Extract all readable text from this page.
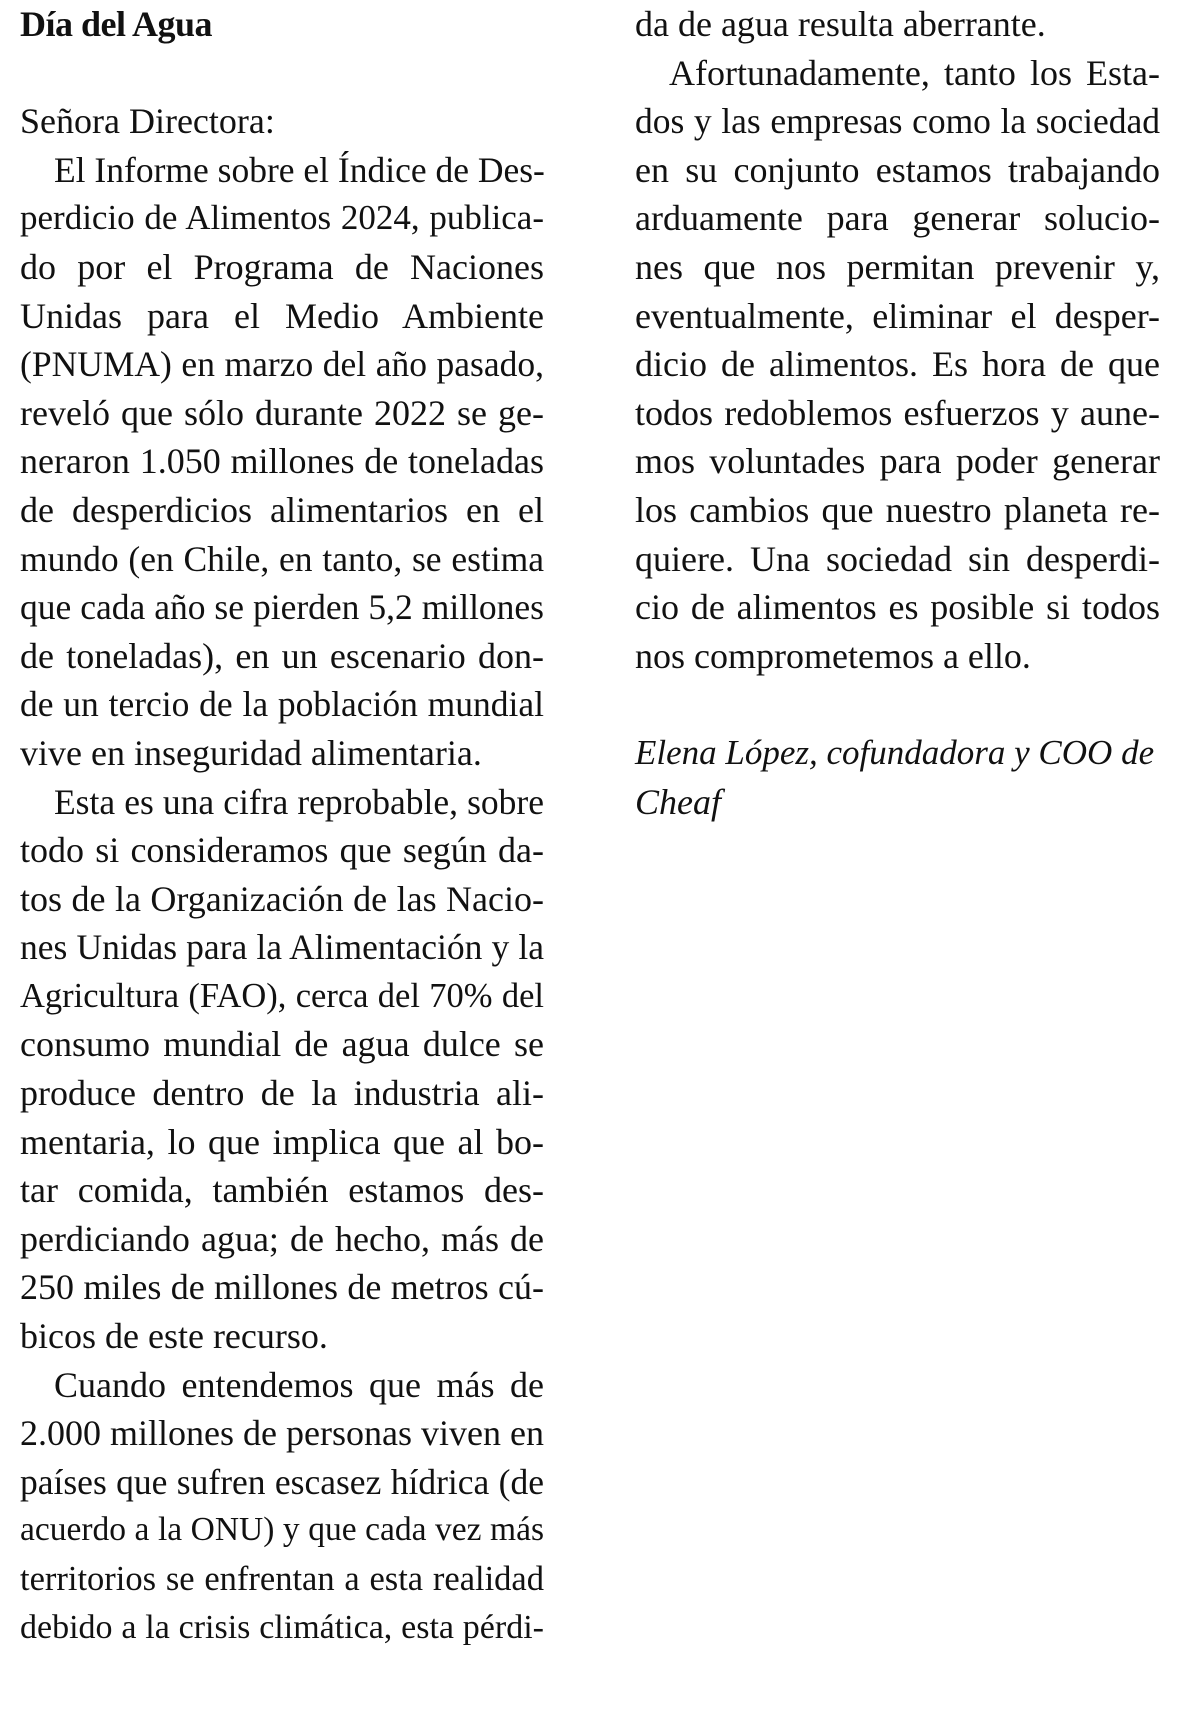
Día del Agua
Señora Directora:
El Informe sobre el Índice de Des-
perdicio de Alimentos 2024, publica-
do por el Programa de Naciones
Unidas para el Medio Ambiente
(PNUMA) en marzo del año pasado,
reveló que sólo durante 2022 se ge-
neraron 1.050 millones de toneladas
de desperdicios alimentarios en el
mundo (en Chile, en tanto, se estima
que cada año se pierden 5,2 millones
de toneladas), en un escenario don-
de un tercio de la población mundial
vive en inseguridad alimentaria.
Esta es una cifra reprobable, sobre
todo si consideramos que según da-
tos de la Organización de las Nacio-
nes Unidas para la Alimentación y la
Agricultura (FAO), cerca del 70% del
consumo mundial de agua dulce se
produce dentro de la industria ali-
mentaria, lo que implica que al bo-
tar comida, también estamos des-
perdiciando agua; de hecho, más de
250 miles de millones de metros cú-
bicos de este recurso.
Cuando entendemos que más de
2.000 millones de personas viven en
países que sufren escasez hídrica (de
acuerdo a la ONU) y que cada vez más
territorios se enfrentan a esta realidad
debido a la crisis climática, esta pérdi-
da de agua resulta aberrante.
Afortunadamente, tanto los Esta-
dos y las empresas como la sociedad
en su conjunto estamos trabajando
arduamente para generar solucio-
nes que nos permitan prevenir y,
eventualmente, eliminar el desper-
dicio de alimentos. Es hora de que
todos redoblemos esfuerzos y aune-
mos voluntades para poder generar
los cambios que nuestro planeta re-
quiere. Una sociedad sin desperdi-
cio de alimentos es posible si todos
nos comprometemos a ello.
Elena López, cofundadora y COO de
Cheaf
